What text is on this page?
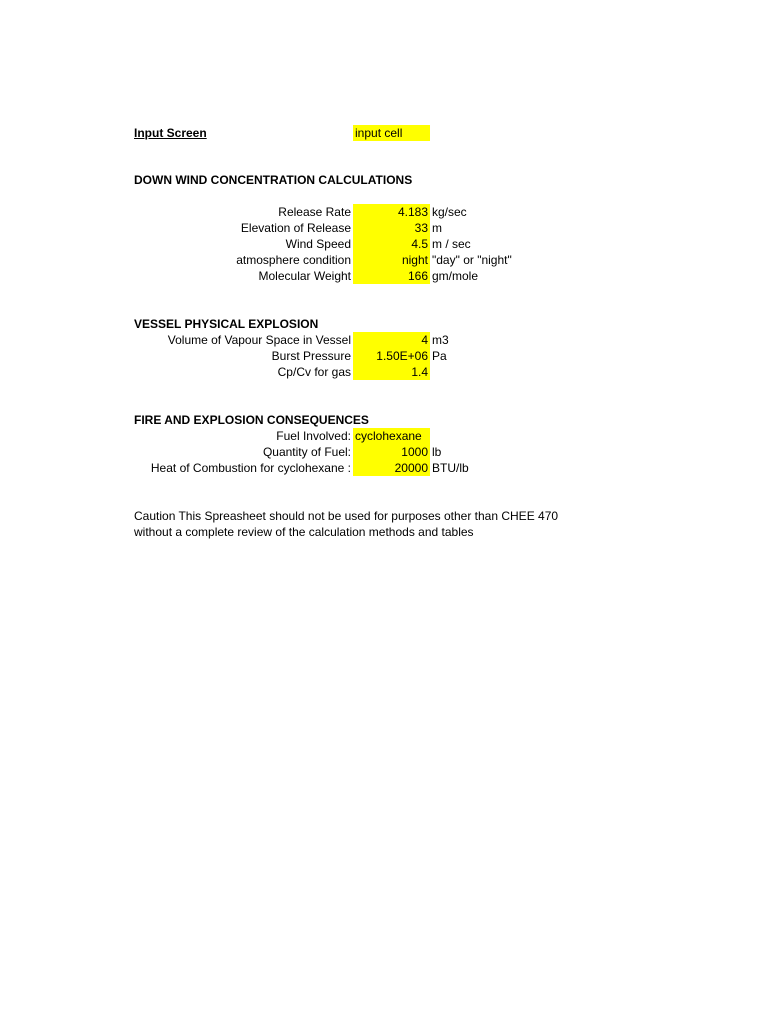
Input Screen	input cell
DOWN WIND CONCENTRATION CALCULATIONS
Release Rate	4.183 kg/sec
Elevation of Release	33 m
Wind Speed	4.5 m / sec
atmosphere condition	night "day" or "night"
Molecular Weight	166 gm/mole
VESSEL PHYSICAL EXPLOSION
Volume of Vapour Space in Vessel	4 m3
Burst Pressure	1.50E+06 Pa
Cp/Cv for gas	1.4
FIRE AND EXPLOSION CONSEQUENCES
Fuel Involved: cyclohexane
Quantity of Fuel:	1000 lb
Heat of Combustion for cyclohexane :	20000 BTU/lb
Caution This Spreasheet should not be used for purposes other than CHEE 470
without a complete review of the calculation methods and tables
